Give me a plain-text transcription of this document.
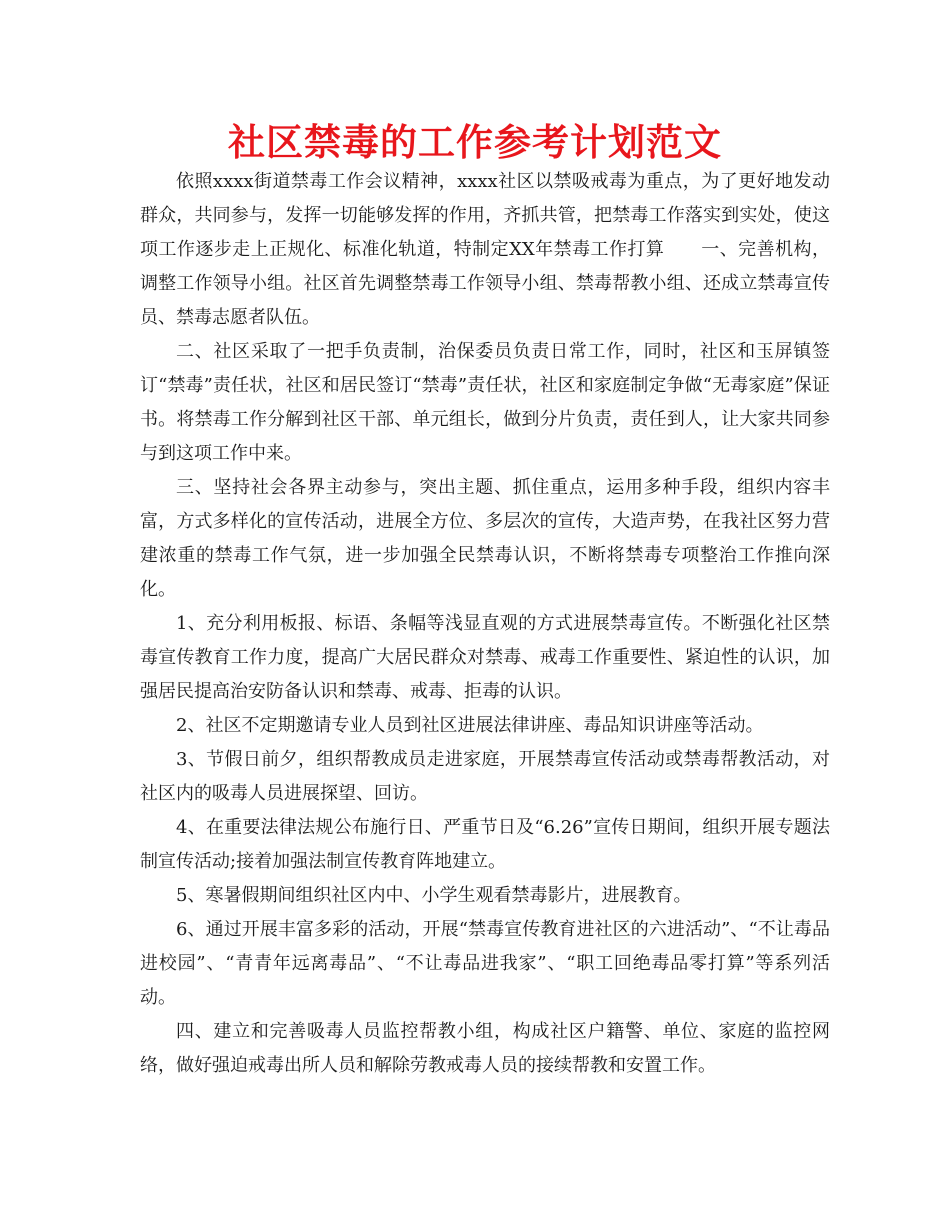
社区禁毒的工作参考计划范文

依照xxxx街道禁毒工作会议精神，xxxx社区以禁吸戒毒为重点，为了更好地发动群众，共同参与，发挥一切能够发挥的作用，齐抓共管，把禁毒工作落实到实处，使这项工作逐步走上正规化、标准化轨道，特制定XX年禁毒工作打算　　一、完善机构，调整工作领导小组。社区首先调整禁毒工作领导小组、禁毒帮教小组、还成立禁毒宣传员、禁毒志愿者队伍。

二、社区采取了一把手负责制，治保委员负责日常工作，同时，社区和玉屏镇签订“禁毒”责任状，社区和居民签订“禁毒”责任状，社区和家庭制定争做“无毒家庭”保证书。将禁毒工作分解到社区干部、单元组长，做到分片负责，责任到人，让大家共同参与到这项工作中来。

三、坚持社会各界主动参与，突出主题、抓住重点，运用多种手段，组织内容丰富，方式多样化的宣传活动，进展全方位、多层次的宣传，大造声势，在我社区努力营建浓重的禁毒工作气氛，进一步加强全民禁毒认识，不断将禁毒专项整治工作推向深化。

1、充分利用板报、标语、条幅等浅显直观的方式进展禁毒宣传。不断强化社区禁毒宣传教育工作力度，提高广大居民群众对禁毒、戒毒工作重要性、紧迫性的认识，加强居民提高治安防备认识和禁毒、戒毒、拒毒的认识。

2、社区不定期邀请专业人员到社区进展法律讲座、毒品知识讲座等活动。

3、节假日前夕，组织帮教成员走进家庭，开展禁毒宣传活动或禁毒帮教活动，对社区内的吸毒人员进展探望、回访。

4、在重要法律法规公布施行日、严重节日及“6.26”宣传日期间，组织开展专题法制宣传活动;接着加强法制宣传教育阵地建立。

5、寒暑假期间组织社区内中、小学生观看禁毒影片，进展教育。

6、通过开展丰富多彩的活动，开展“禁毒宣传教育进社区的六进活动”、“不让毒品进校园”、“青青年远离毒品”、“不让毒品进我家”、“职工回绝毒品零打算”等系列活动。

四、建立和完善吸毒人员监控帮教小组，构成社区户籍警、单位、家庭的监控网络，做好强迫戒毒出所人员和解除劳教戒毒人员的接续帮教和安置工作。
